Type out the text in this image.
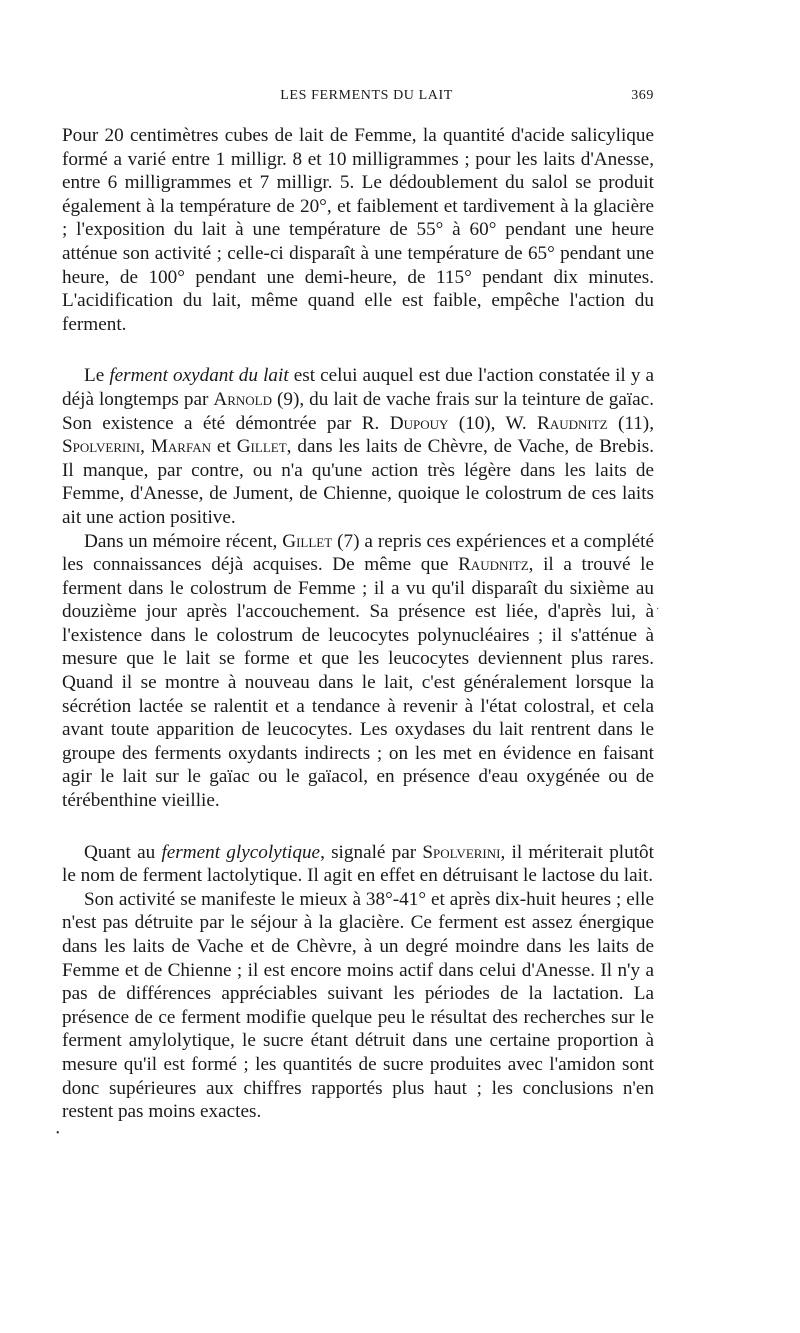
LES FERMENTS DU LAIT	369

Pour 20 centimètres cubes de lait de Femme, la quantité d'acide salicylique formé a varié entre 1 milligr. 8 et 10 milligrammes ; pour les laits d'Anesse, entre 6 milligrammes et 7 milligr. 5. Le dédoublement du salol se produit également à la température de 20°, et faiblement et tardivement à la glacière ; l'exposition du lait à une température de 55° à 60° pendant une heure atténue son activité ; celle-ci disparaît à une température de 65° pendant une heure, de 100° pendant une demi-heure, de 115° pendant dix minutes. L'acidification du lait, même quand elle est faible, empêche l'action du ferment.

Le ferment oxydant du lait est celui auquel est due l'action constatée il y a déjà longtemps par Arnold (9), du lait de vache frais sur la teinture de gaïac. Son existence a été démontrée par R. Dupouy (10), W. Raudnitz (11), Spolverini, Marfan et Gillet, dans les laits de Chèvre, de Vache, de Brebis. Il manque, par contre, ou n'a qu'une action très légère dans les laits de Femme, d'Anesse, de Jument, de Chienne, quoique le colostrum de ces laits ait une action positive.

Dans un mémoire récent, Gillet (7) a repris ces expériences et a complété les connaissances déjà acquises. De même que Raudnitz, il a trouvé le ferment dans le colostrum de Femme ; il a vu qu'il disparaît du sixième au douzième jour après l'accouchement. Sa présence est liée, d'après lui, à l'existence dans le colostrum de leucocytes polynucléaires ; il s'atténue à mesure que le lait se forme et que les leucocytes deviennent plus rares. Quand il se montre à nouveau dans le lait, c'est généralement lorsque la sécrétion lactée se ralentit et a tendance à revenir à l'état colostral, et cela avant toute apparition de leucocytes. Les oxydases du lait rentrent dans le groupe des ferments oxydants indirects ; on les met en évidence en faisant agir le lait sur le gaïac ou le gaïacol, en présence d'eau oxygénée ou de térébenthine vieillie.

Quant au ferment glycolytique, signalé par Spolverini, il mériterait plutôt le nom de ferment lactolytique. Il agit en effet en détruisant le lactose du lait.

Son activité se manifeste le mieux à 38°-41° et après dix-huit heures ; elle n'est pas détruite par le séjour à la glacière. Ce ferment est assez énergique dans les laits de Vache et de Chèvre, à un degré moindre dans les laits de Femme et de Chienne ; il est encore moins actif dans celui d'Anesse. Il n'y a pas de différences appréciables suivant les périodes de la lactation. La présence de ce ferment modifie quelque peu le résultat des recherches sur le ferment amylolytique, le sucre étant détruit dans une certaine proportion à mesure qu'il est formé ; les quantités de sucre produites avec l'amidon sont donc supérieures aux chiffres rapportés plus haut ; les conclusions n'en restent pas moins exactes.

·
•
